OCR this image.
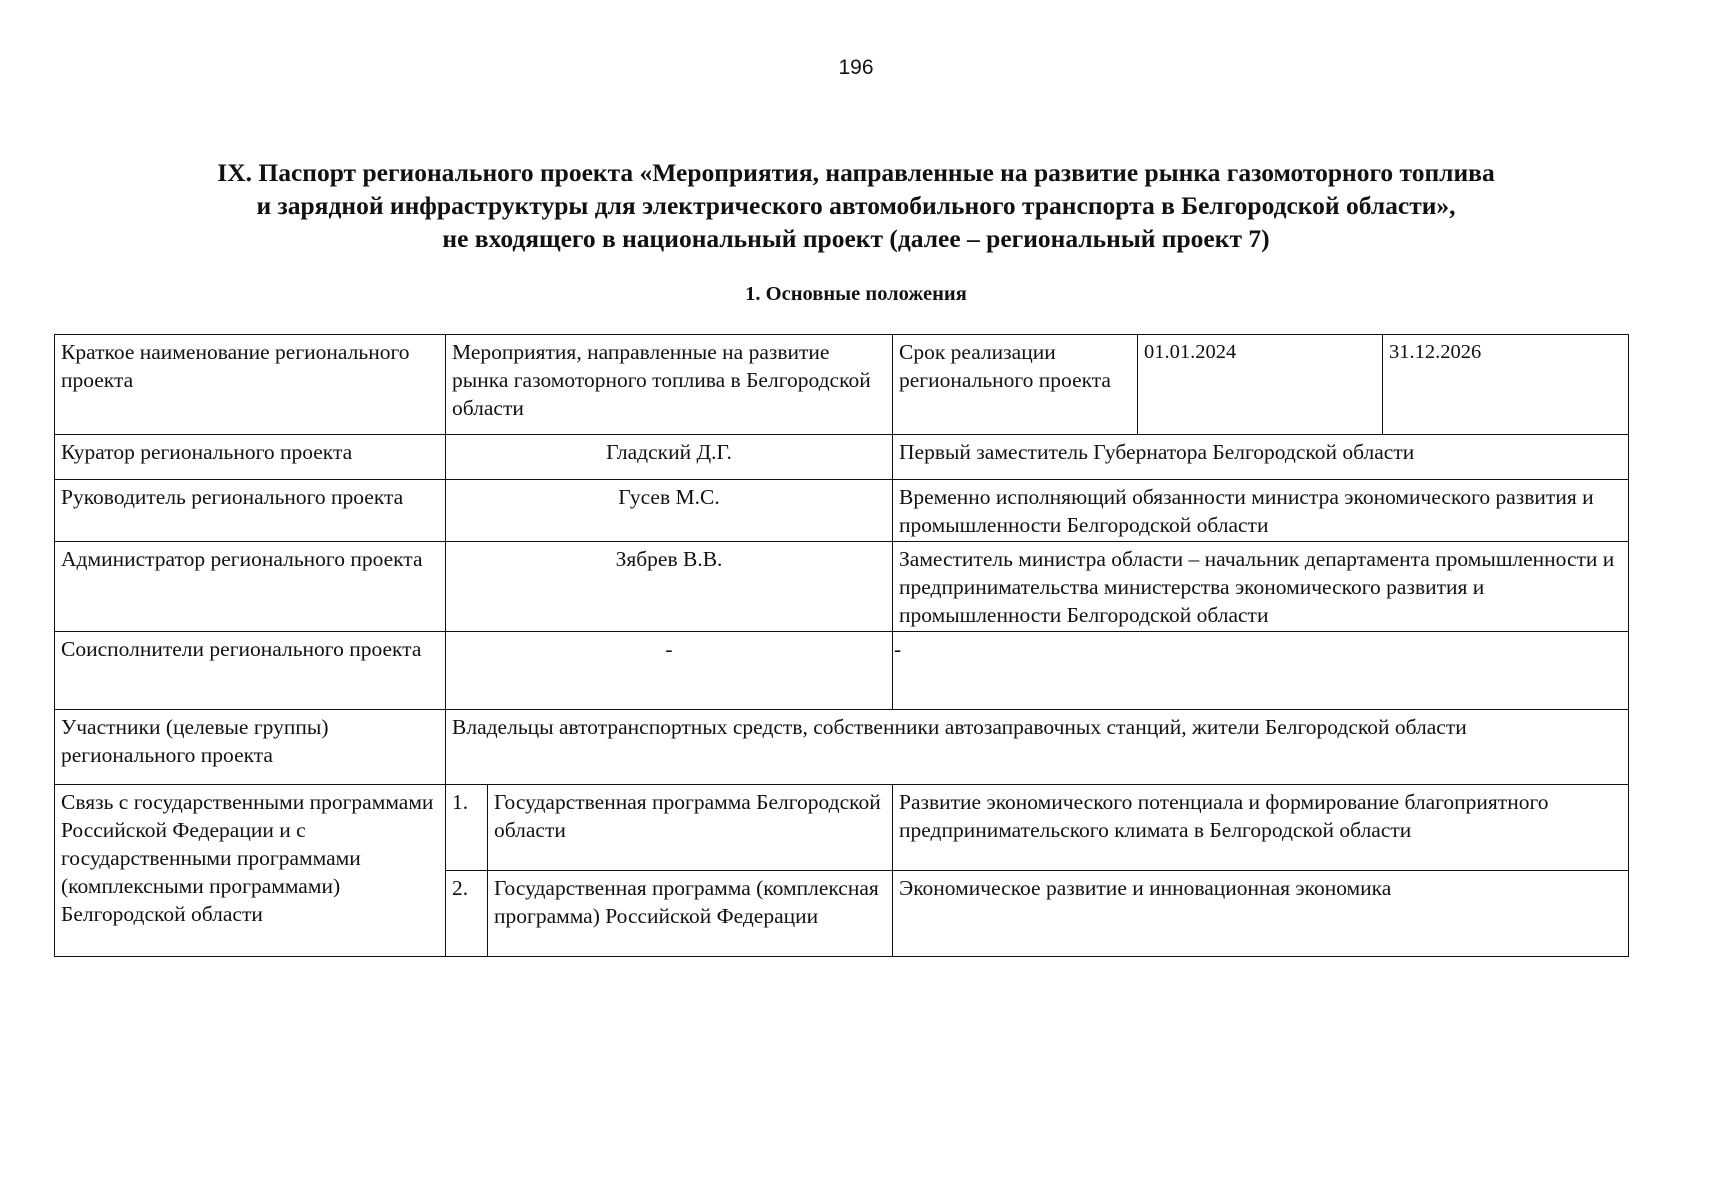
196
IX. Паспорт регионального проекта «Мероприятия, направленные на развитие рынка газомоторного топлива
и зарядной инфраструктуры для электрического автомобильного транспорта в Белгородской области»,
не входящего в национальный проект (далее – региональный проект 7)
1. Основные положения
Краткое наименование регионального проекта	Мероприятия, направленные на развитие рынка газомоторного топлива в Белгородской области		Срок реализации регионального проекта	01.01.2024	31.12.2026
Куратор регионального проекта	Гладский Д.Г.		Первый заместитель Губернатора Белгородской области		
Руководитель регионального проекта	Гусев М.С.		Временно исполняющий обязанности министра экономического развития и промышленности Белгородской области		
Администратор регионального проекта	Зябрев В.В.		Заместитель министра области – начальник департамента промышленности и предпринимательства министерства экономического развития и промышленности Белгородской области		
Соисполнители регионального проекта	-		-		
Участники (целевые группы) регионального проекта	Владельцы автотранспортных средств, собственники автозаправочных станций, жители Белгородской области				
Связь с государственными программами Российской Федерации и с государственными программами (комплексными программами) Белгородской области	1.	Государственная программа Белгородской области	Развитие экономического потенциала и формирование благоприятного предпринимательского климата в Белгородской области		
	2.	Государственная программа (комплексная программа) Российской Федерации	Экономическое развитие и инновационная экономика		
